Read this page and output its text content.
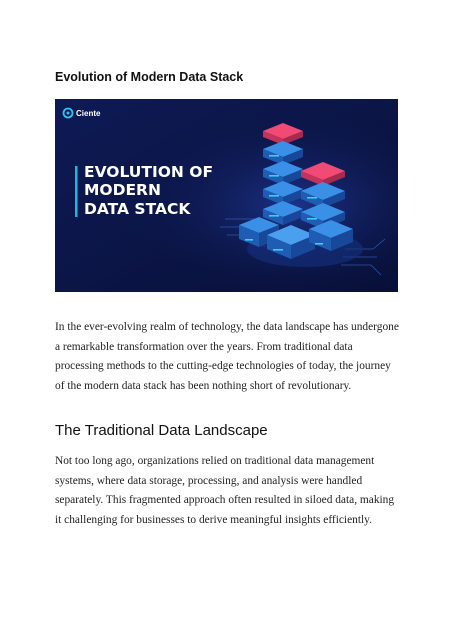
Evolution of Modern Data Stack
Ciente
EVOLUTION OF
MODERN
DATA STACK

In the ever-evolving realm of technology, the data landscape has undergone a remarkable transformation over the years. From traditional data processing methods to the cutting-edge technologies of today, the journey of the modern data stack has been nothing short of revolutionary.

The Traditional Data Landscape

Not too long ago, organizations relied on traditional data management systems, where data storage, processing, and analysis were handled separately. This fragmented approach often resulted in siloed data, making it challenging for businesses to derive meaningful insights efficiently.
